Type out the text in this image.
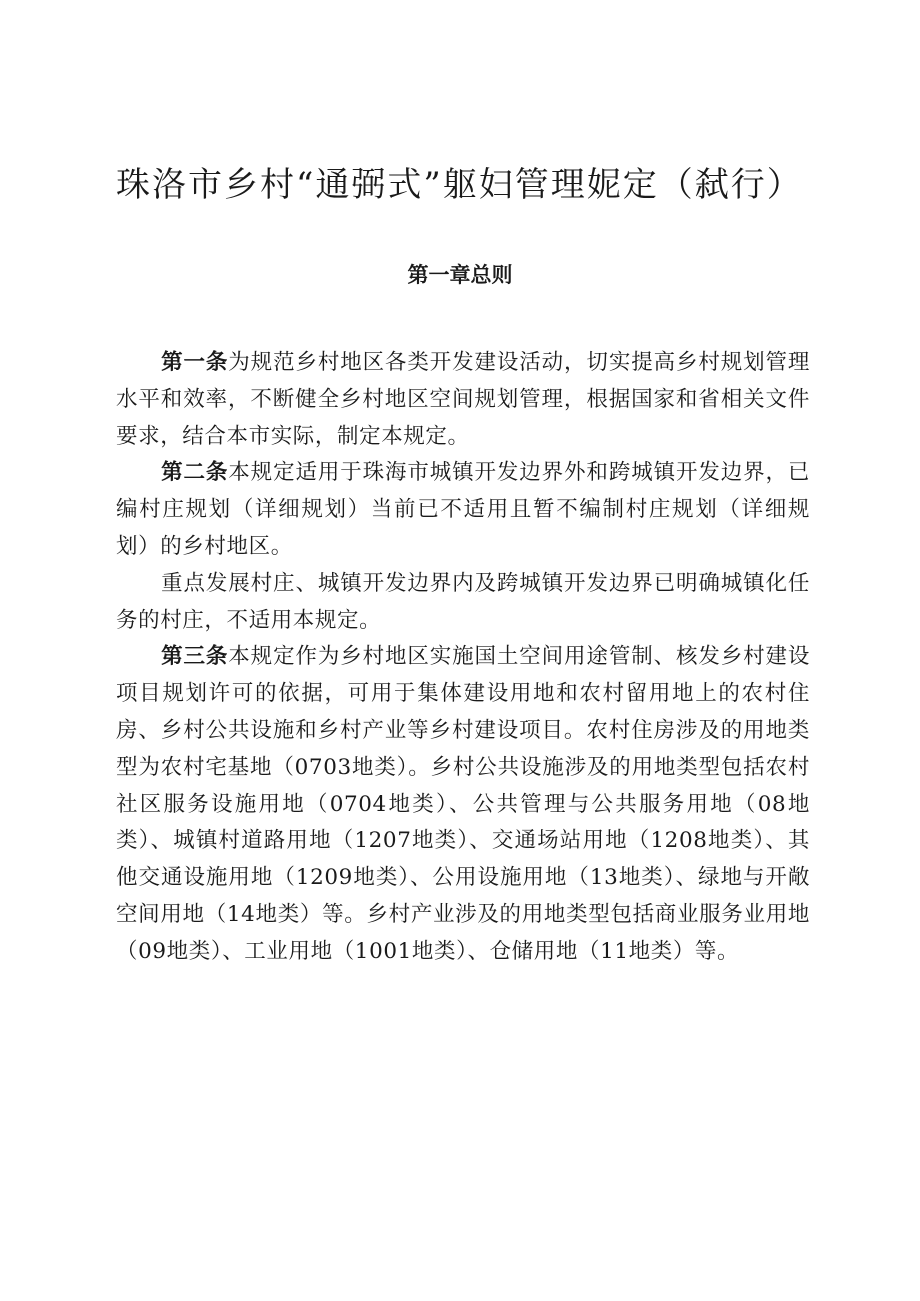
珠洛市乡村“通弼式”躯妇管理妮定（弑行）
第一章总则

第一条为规范乡村地区各类开发建设活动，切实提高乡村规划管理水平和效率，不断健全乡村地区空间规划管理，根据国家和省相关文件要求，结合本市实际，制定本规定。

第二条本规定适用于珠海市城镇开发边界外和跨城镇开发边界，已编村庄规划（详细规划）当前已不适用且暂不编制村庄规划（详细规划）的乡村地区。

重点发展村庄、城镇开发边界内及跨城镇开发边界已明确城镇化任务的村庄，不适用本规定。

第三条本规定作为乡村地区实施国土空间用途管制、核发乡村建设项目规划许可的依据，可用于集体建设用地和农村留用地上的农村住房、乡村公共设施和乡村产业等乡村建设项目。农村住房涉及的用地类型为农村宅基地（0703地类）。乡村公共设施涉及的用地类型包括农村社区服务设施用地（0704地类）、公共管理与公共服务用地（08地类）、城镇村道路用地（1207地类）、交通场站用地（1208地类）、其他交通设施用地（1209地类）、公用设施用地（13地类）、绿地与开敞空间用地（14地类）等。乡村产业涉及的用地类型包括商业服务业用地（09地类）、工业用地（1001地类）、仓储用地（11地类）等。
